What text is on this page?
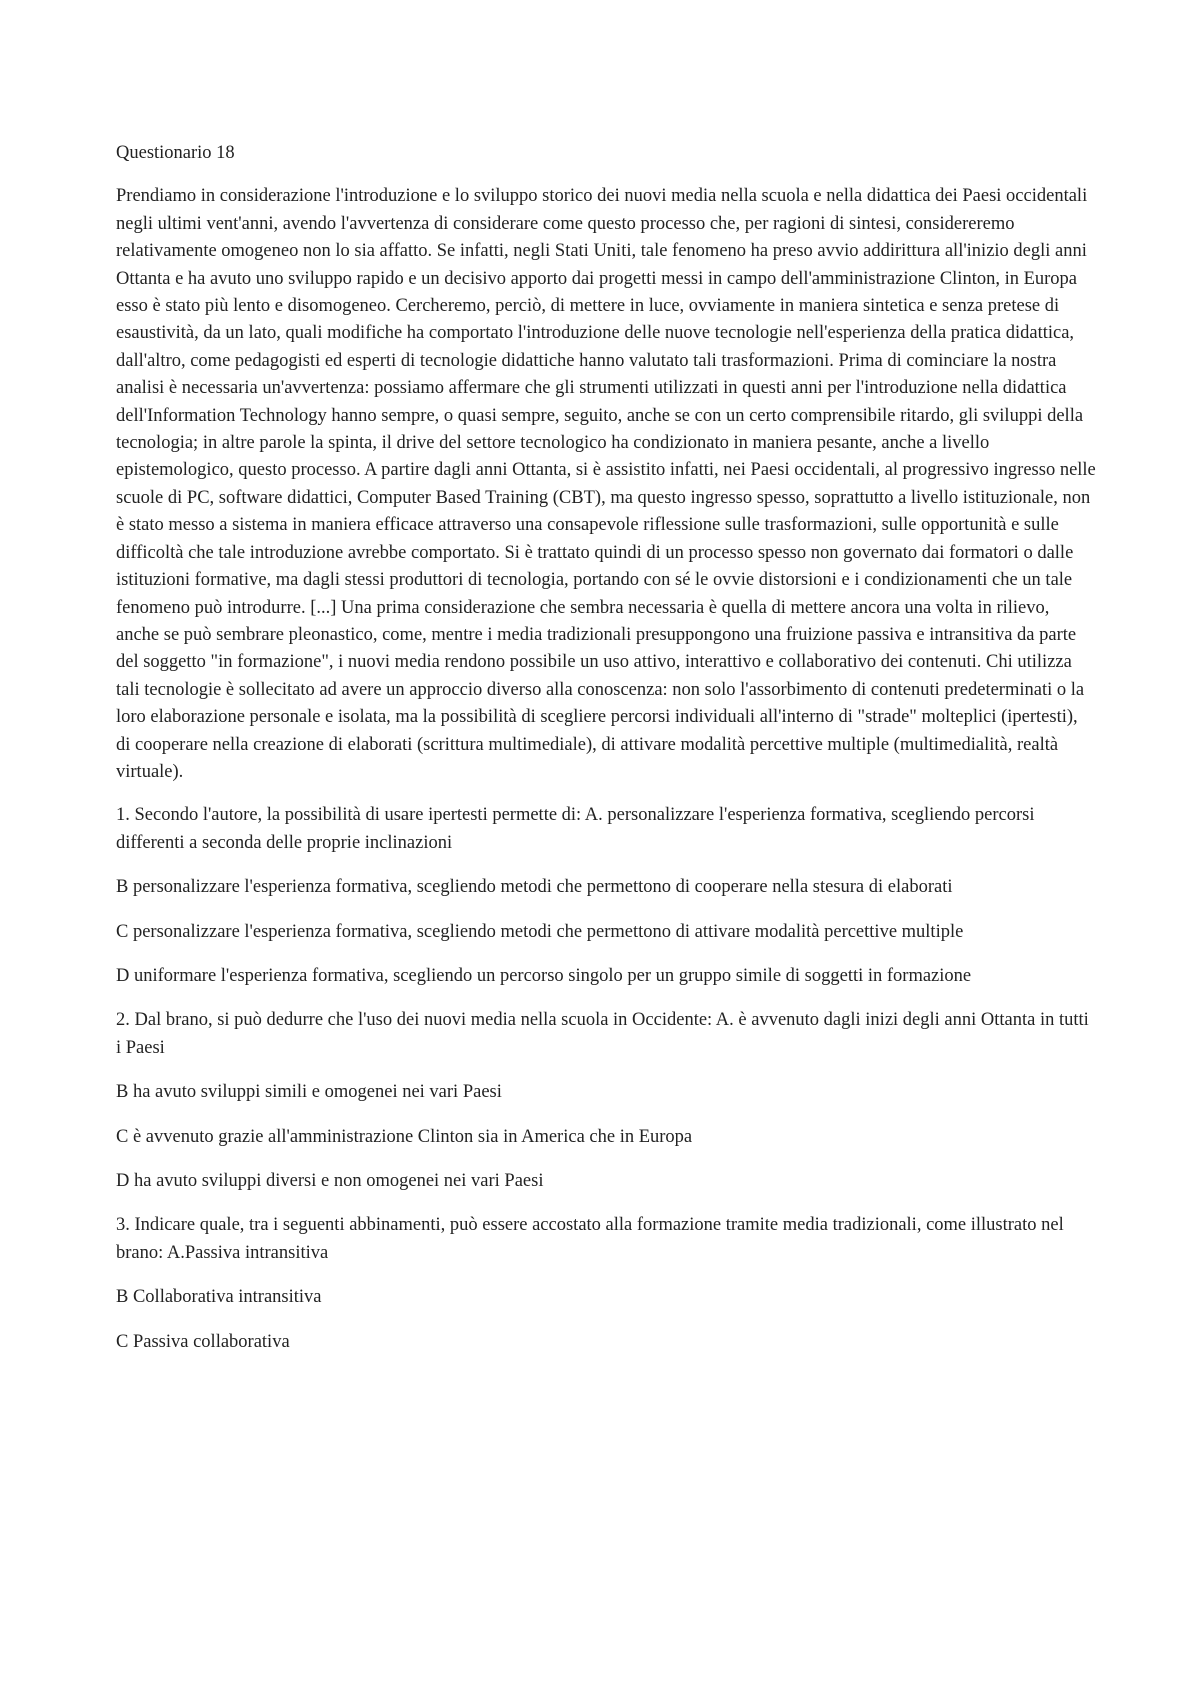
Questionario 18

Prendiamo in considerazione l'introduzione e lo sviluppo storico dei nuovi media nella scuola e nella didattica dei Paesi occidentali negli ultimi vent'anni, avendo l'avvertenza di considerare come questo processo che, per ragioni di sintesi, considereremo relativamente omogeneo non lo sia affatto. Se infatti, negli Stati Uniti, tale fenomeno ha preso avvio addirittura all'inizio degli anni Ottanta e ha avuto uno sviluppo rapido e un decisivo apporto dai progetti messi in campo dell'amministrazione Clinton, in Europa esso è stato più lento e disomogeneo. Cercheremo, perciò, di mettere in luce, ovviamente in maniera sintetica e senza pretese di esaustività, da un lato, quali modifiche ha comportato l'introduzione delle nuove tecnologie nell'esperienza della pratica didattica, dall'altro, come pedagogisti ed esperti di tecnologie didattiche hanno valutato tali trasformazioni. Prima di cominciare la nostra analisi è necessaria un'avvertenza: possiamo affermare che gli strumenti utilizzati in questi anni per l'introduzione nella didattica dell'Information Technology hanno sempre, o quasi sempre, seguito, anche se con un certo comprensibile ritardo, gli sviluppi della tecnologia; in altre parole la spinta, il drive del settore tecnologico ha condizionato in maniera pesante, anche a livello epistemologico, questo processo. A partire dagli anni Ottanta, si è assistito infatti, nei Paesi occidentali, al progressivo ingresso nelle scuole di PC, software didattici, Computer Based Training (CBT), ma questo ingresso spesso, soprattutto a livello istituzionale, non è stato messo a sistema in maniera efficace attraverso una consapevole riflessione sulle trasformazioni, sulle opportunità e sulle difficoltà che tale introduzione avrebbe comportato. Si è trattato quindi di un processo spesso non governato dai formatori o dalle istituzioni formative, ma dagli stessi produttori di tecnologia, portando con sé le ovvie distorsioni e i condizionamenti che un tale fenomeno può introdurre. [...] Una prima considerazione che sembra necessaria è quella di mettere ancora una volta in rilievo, anche se può sembrare pleonastico, come, mentre i media tradizionali presuppongono una fruizione passiva e intransitiva da parte del soggetto "in formazione", i nuovi media rendono possibile un uso attivo, interattivo e collaborativo dei contenuti. Chi utilizza tali tecnologie è sollecitato ad avere un approccio diverso alla conoscenza: non solo l'assorbimento di contenuti predeterminati o la loro elaborazione personale e isolata, ma la possibilità di scegliere percorsi individuali all'interno di "strade" molteplici (ipertesti), di cooperare nella creazione di elaborati (scrittura multimediale), di attivare modalità percettive multiple (multimedialità, realtà virtuale).

1. Secondo l'autore, la possibilità di usare ipertesti permette di: A. personalizzare l'esperienza formativa, scegliendo percorsi differenti a seconda delle proprie inclinazioni

B personalizzare l'esperienza formativa, scegliendo metodi che permettono di cooperare nella stesura di elaborati

C personalizzare l'esperienza formativa, scegliendo metodi che permettono di attivare modalità percettive multiple

D uniformare l'esperienza formativa, scegliendo un percorso singolo per un gruppo simile di soggetti in formazione

2. Dal brano, si può dedurre che l'uso dei nuovi media nella scuola in Occidente: A. è avvenuto dagli inizi degli anni Ottanta in tutti i Paesi

B ha avuto sviluppi simili e omogenei nei vari Paesi

C è avvenuto grazie all'amministrazione Clinton sia in America che in Europa

D ha avuto sviluppi diversi e non omogenei nei vari Paesi

3. Indicare quale, tra i seguenti abbinamenti, può essere accostato alla formazione tramite media tradizionali, come illustrato nel brano: A.Passiva intransitiva

B Collaborativa intransitiva

C Passiva collaborativa
